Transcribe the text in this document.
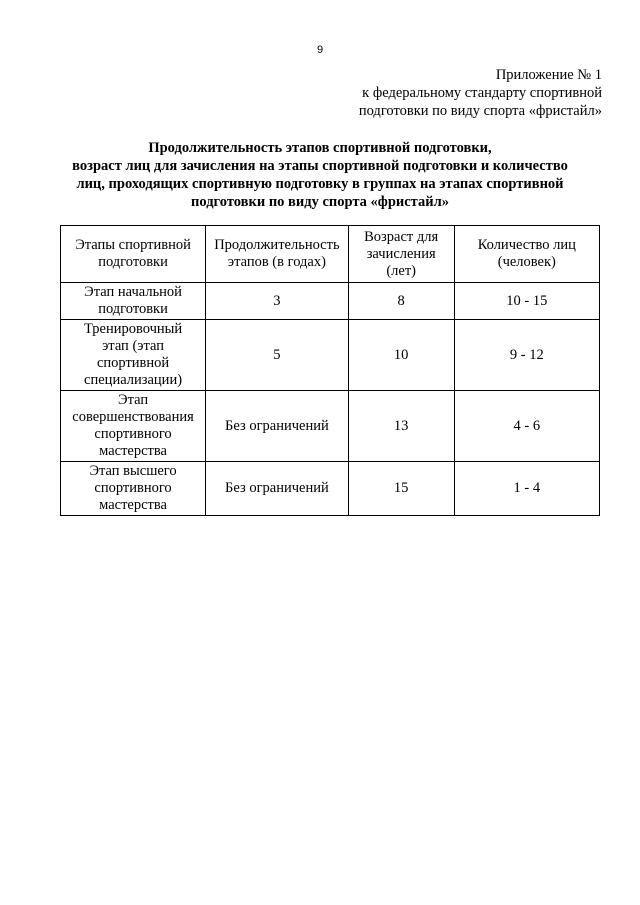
9
Приложение № 1
к федеральному стандарту спортивной
подготовки по виду спорта «фристайл»
Продолжительность этапов спортивной подготовки,
возраст лиц для зачисления на этапы спортивной подготовки и количество
лиц, проходящих спортивную подготовку в группах на этапах спортивной
подготовки по виду спорта «фристайл»
Этапы спортивной подготовки	Продолжительность этапов (в годах)	Возраст для зачисления (лет)	Количество лиц (человек)
Этап начальной
подготовки	3	8	10 - 15
Тренировочный
этап (этап
спортивной
специализации)	5	10	9 - 12
Этап
совершенствования
спортивного
мастерства	Без ограничений	13	4 - 6
Этап высшего
спортивного
мастерства	Без ограничений	15	1 - 4
